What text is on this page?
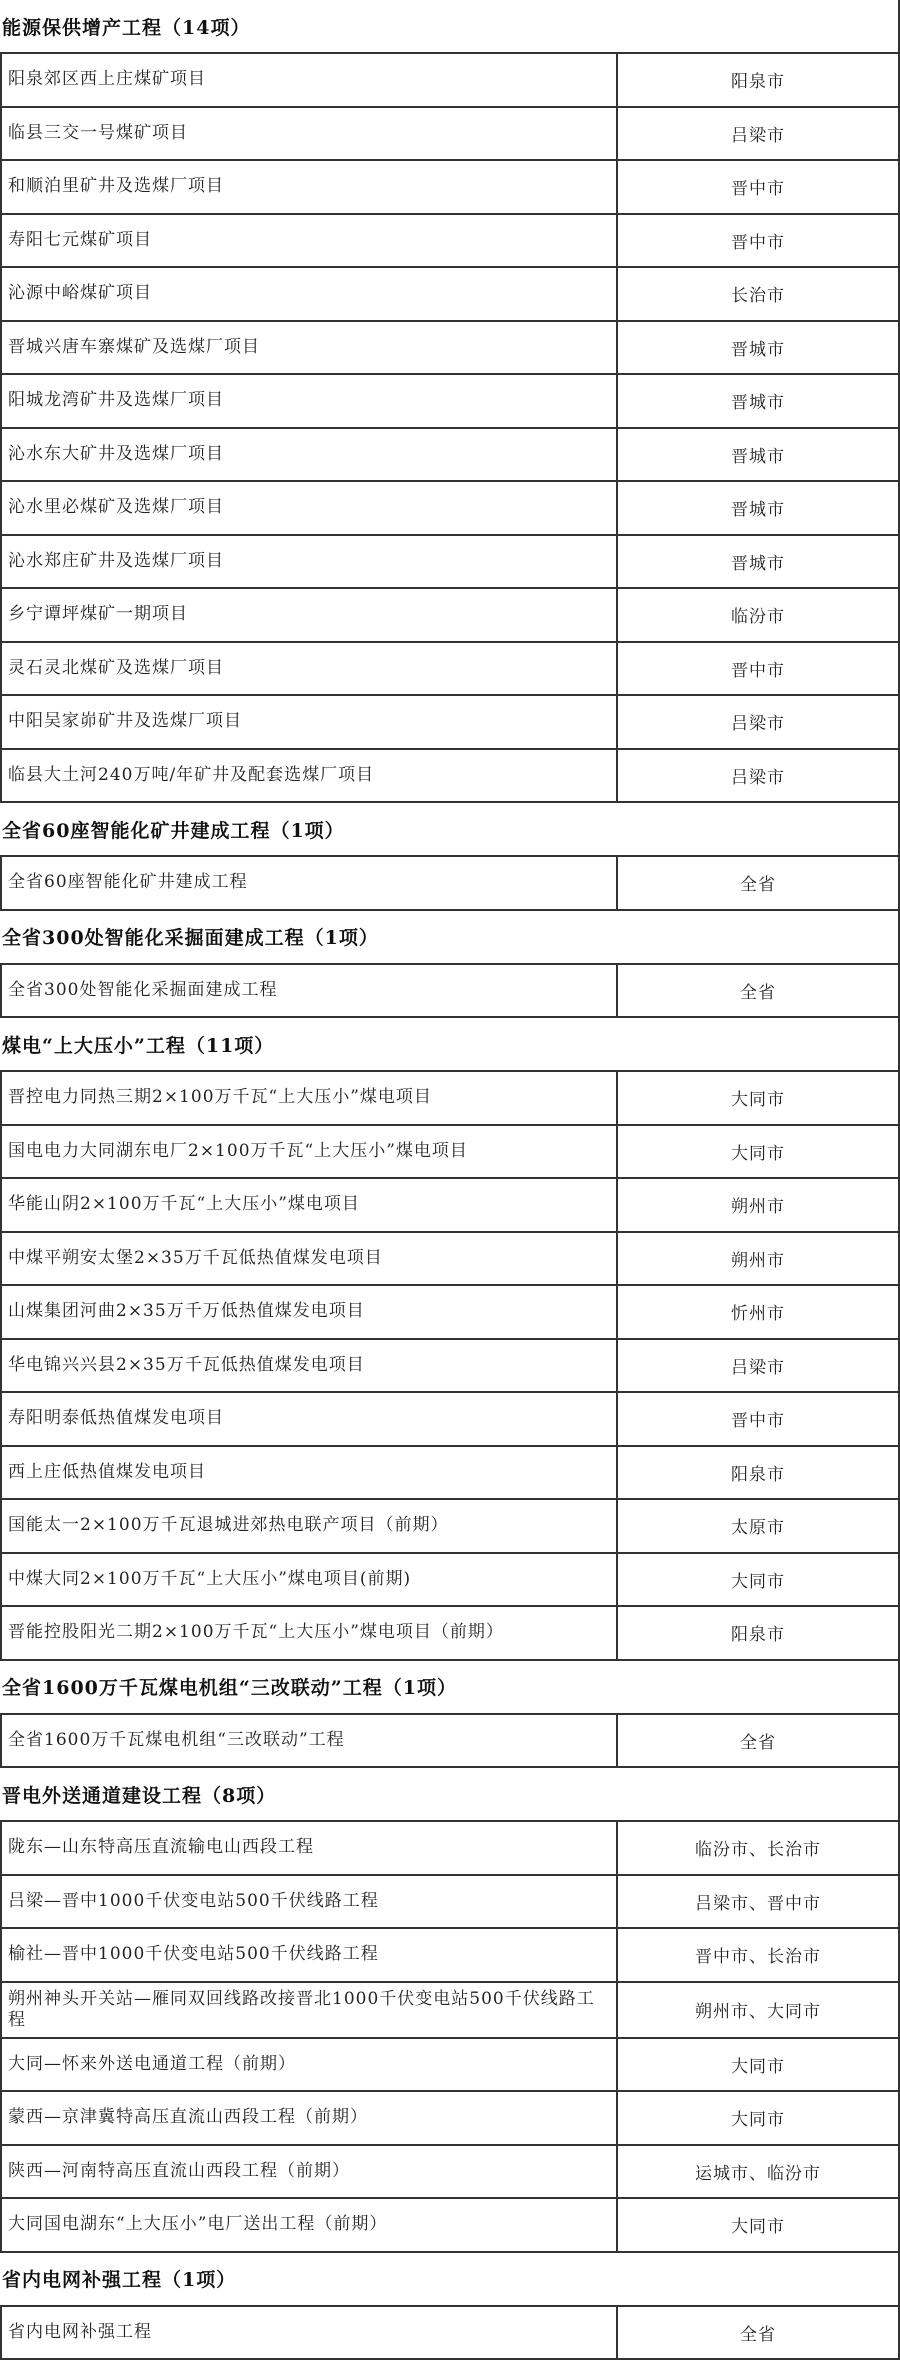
能源保供增产工程（14项）
阳泉郊区西上庄煤矿项目	阳泉市
临县三交一号煤矿项目	吕梁市
和顺泊里矿井及选煤厂项目	晋中市
寿阳七元煤矿项目	晋中市
沁源中峪煤矿项目	长治市
晋城兴唐车寨煤矿及选煤厂项目	晋城市
阳城龙湾矿井及选煤厂项目	晋城市
沁水东大矿井及选煤厂项目	晋城市
沁水里必煤矿及选煤厂项目	晋城市
沁水郑庄矿井及选煤厂项目	晋城市
乡宁谭坪煤矿一期项目	临汾市
灵石灵北煤矿及选煤厂项目	晋中市
中阳吴家峁矿井及选煤厂项目	吕梁市
临县大土河240万吨/年矿井及配套选煤厂项目	吕梁市
全省60座智能化矿井建成工程（1项）
全省60座智能化矿井建成工程	全省
全省300处智能化采掘面建成工程（1项）
全省300处智能化采掘面建成工程	全省
煤电“上大压小”工程（11项）
晋控电力同热三期2×100万千瓦“上大压小”煤电项目	大同市
国电电力大同湖东电厂2×100万千瓦“上大压小”煤电项目	大同市
华能山阴2×100万千瓦“上大压小”煤电项目	朔州市
中煤平朔安太堡2×35万千瓦低热值煤发电项目	朔州市
山煤集团河曲2×35万千万低热值煤发电项目	忻州市
华电锦兴兴县2×35万千瓦低热值煤发电项目	吕梁市
寿阳明泰低热值煤发电项目	晋中市
西上庄低热值煤发电项目	阳泉市
国能太一2×100万千瓦退城进郊热电联产项目（前期）	太原市
中煤大同2×100万千瓦“上大压小”煤电项目(前期)	大同市
晋能控股阳光二期2×100万千瓦“上大压小”煤电项目（前期）	阳泉市
全省1600万千瓦煤电机组“三改联动”工程（1项）
全省1600万千瓦煤电机组“三改联动”工程	全省
晋电外送通道建设工程（8项）
陇东—山东特高压直流输电山西段工程	临汾市、长治市
吕梁—晋中1000千伏变电站500千伏线路工程	吕梁市、晋中市
榆社—晋中1000千伏变电站500千伏线路工程	晋中市、长治市
朔州神头开关站—雁同双回线路改接晋北1000千伏变电站500千伏线路工程	朔州市、大同市
大同—怀来外送电通道工程（前期）	大同市
蒙西—京津冀特高压直流山西段工程（前期）	大同市
陕西—河南特高压直流山西段工程（前期）	运城市、临汾市
大同国电湖东“上大压小”电厂送出工程（前期）	大同市
省内电网补强工程（1项）
省内电网补强工程	全省
